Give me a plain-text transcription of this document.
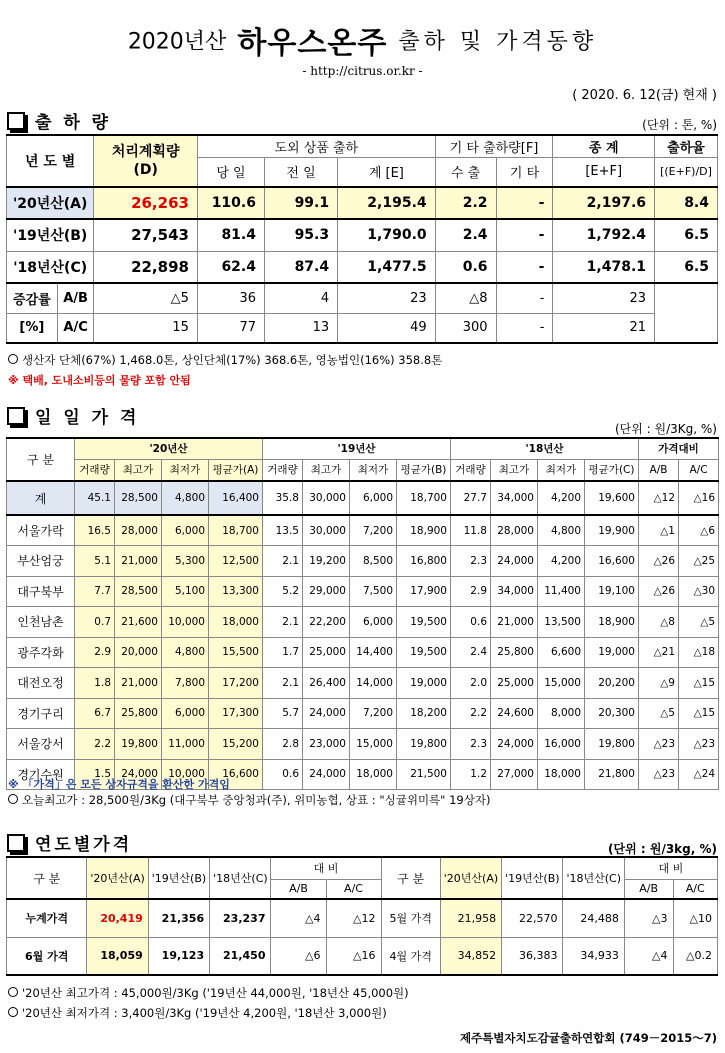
2020년산 하우스온주 출하 및 가격동향
- http://citrus.or.kr -
( 2020. 6. 12(금) 현재 )
출 하 량	(단위 : 톤, %)
년 도 별		처리계획량
(D)	도외 상품 출하			기 타 출하량[F]		종 계	출하율
			당 일	전 일	계 [E]	수 출	기 타	[E+F]	[(E+F)/D]
'20년산(A)		26,263	110.6	99.1	2,195.4	2.2	-	2,197.6	8.4
'19년산(B)		27,543	81.4	95.3	1,790.0	2.4	-	1,792.4	6.5
'18년산(C)		22,898	62.4	87.4	1,477.5	0.6	-	1,478.1	6.5
증감률	A/B	△5	36	4	23	△8	-	23	
[%]	A/C	15	77	13	49	300	-	21	
생산자 단체(67%) 1,468.0톤, 상인단체(17%) 368.6톤, 영농법인(16%) 358.8톤
※ 택배, 도내소비등의 물량 포함 안됨
일 일 가 격
(단위 : 원/3Kg, %)
구 분	'20년산				'19년산				'18년산				가격대비	
	거래량	최고가	최저가	평균가(A)	거래량	최고가	최저가	평균가(B)	거래량	최고가	최저가	평균가(C)	A/B	A/C
계	45.1	28,500	4,800	16,400	35.8	30,000	6,000	18,700	27.7	34,000	4,200	19,600	△12	△16
서울가락	16.5	28,000	6,000	18,700	13.5	30,000	7,200	18,900	11.8	28,000	4,800	19,900	△1	△6
부산엄궁	5.1	21,000	5,300	12,500	2.1	19,200	8,500	16,800	2.3	24,000	4,200	16,600	△26	△25
대구북부	7.7	28,500	5,100	13,300	5.2	29,000	7,500	17,900	2.9	34,000	11,400	19,100	△26	△30
인천남촌	0.7	21,600	10,000	18,000	2.1	22,200	6,000	19,500	0.6	21,000	13,500	18,900	△8	△5
광주각화	2.9	20,000	4,800	15,500	1.7	25,000	14,400	19,500	2.4	25,800	6,600	19,000	△21	△18
대전오정	1.8	21,000	7,800	17,200	2.1	26,400	14,000	19,000	2.0	25,000	15,000	20,200	△9	△15
경기구리	6.7	25,800	6,000	17,300	5.7	24,000	7,200	18,200	2.2	24,600	8,000	20,300	△5	△15
서울강서	2.2	19,800	11,000	15,200	2.8	23,000	15,000	19,800	2.3	24,000	16,000	19,800	△23	△23
경기수원	1.5	24,000	10,000	16,600	0.6	24,000	18,000	21,500	1.2	27,000	18,000	21,800	△23	△24
※ 「가격」은 모든 상자규격을 환산한 가격임
오늘최고가 : 28,500원/3Kg (대구북부 중앙청과(주), 위미농협, 상표 : "싱귤위미륵" 19상자)
연도별가격	(단위 : 원/3kg, %)
구 분	'20년산(A)	'19년산(B)	'18년산(C)	대 비		구 분	'20년산(A)	'19년산(B)	'18년산(C)	대 비	
				A/B	A/C					A/B	A/C
누계가격	20,419	21,356	23,237	△4	△12	5월 가격	21,958	22,570	24,488	△3	△10
6월 가격	18,059	19,123	21,450	△6	△16	4월 가격	34,852	36,383	34,933	△4	△0.2
'20년산 최고가격 : 45,000원/3Kg ('19년산 44,000원, '18년산 45,000원)
'20년산 최저가격 : 3,400원/3Kg ('19년산 4,200원, '18년산 3,000원)
제주특별자치도감귤출하연합회 (749－2015～7)
